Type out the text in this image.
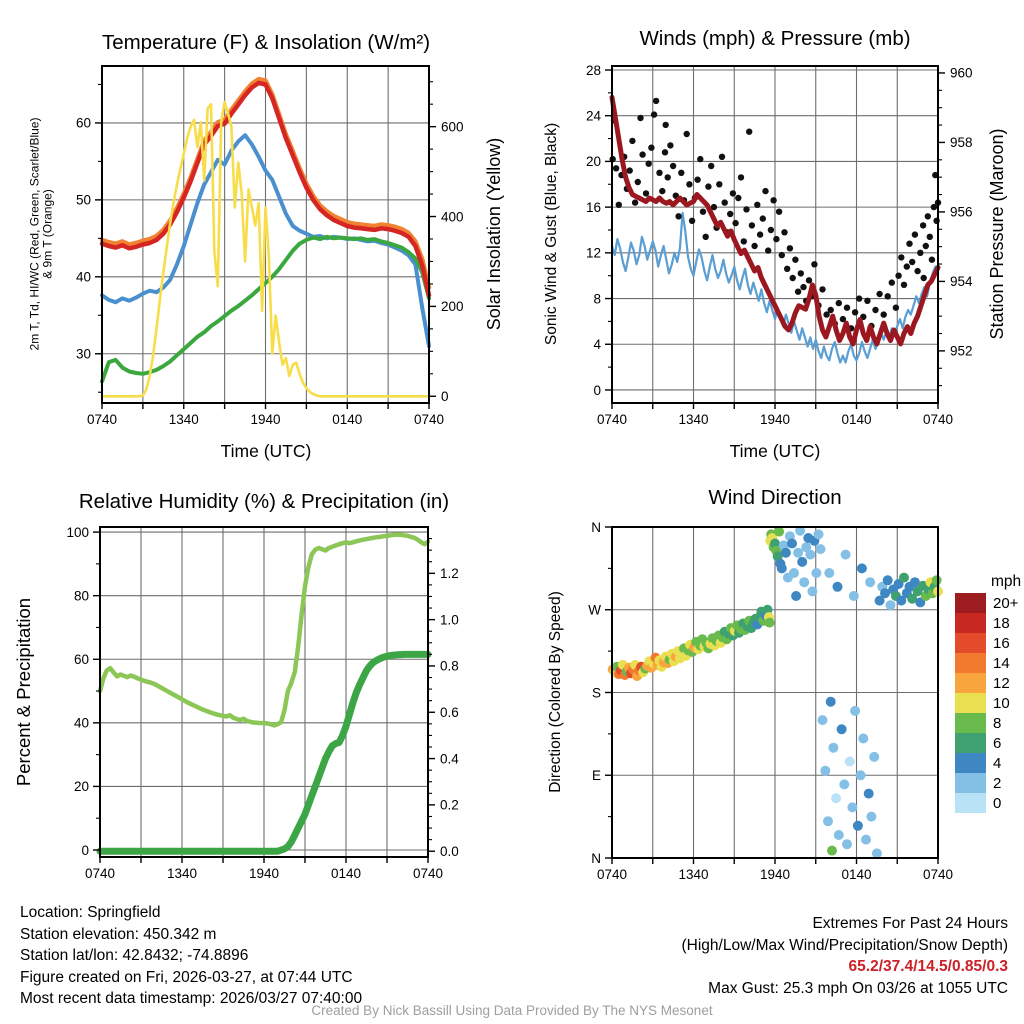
0740	1340	1940	0140	0740
Time (UTC)
30
40
50
60
2m T, Td, HI/WC (Red, Green, Scarlet/Blue) & 9m T (Orange)
0
200
400
600
Solar Insolation (Yellow)
Temperature (F) & Insolation (W/m²)
0740	1340	1940	0140	0740
Time (UTC)
0
4
8
12
16
20
24
28
Sonic Wind & Gust (Blue, Black)
952
954
956
958
960
Station Pressure (Maroon)
Winds (mph) & Pressure (mb)
0740	1340	1940	0140	0740
0
20
40
60
80
100
Percent & Precipitation
0.0
0.2
0.4
0.6
0.8
1.0
1.2
Relative Humidity (%) & Precipitation (in)
0740	1340	1940	0140	0740
N
E
S
W
N
Direction (Colored By Speed)
Wind Direction
mph
20+
18
16
14
12
10
8
6
4
2
0
Location: Springfield
Station elevation: 450.342 m
Station lat/lon: 42.8432; -74.8896
Figure created on Fri, 2026-03-27, at 07:44 UTC
Most recent data timestamp: 2026/03/27 07:40:00
Extremes For Past 24 Hours
(High/Low/Max Wind/Precipitation/Snow Depth)
65.2/37.4/14.5/0.85/0.3
Max Gust: 25.3 mph On 03/26 at 1055 UTC
Created By Nick Bassill Using Data Provided By The NYS Mesonet
